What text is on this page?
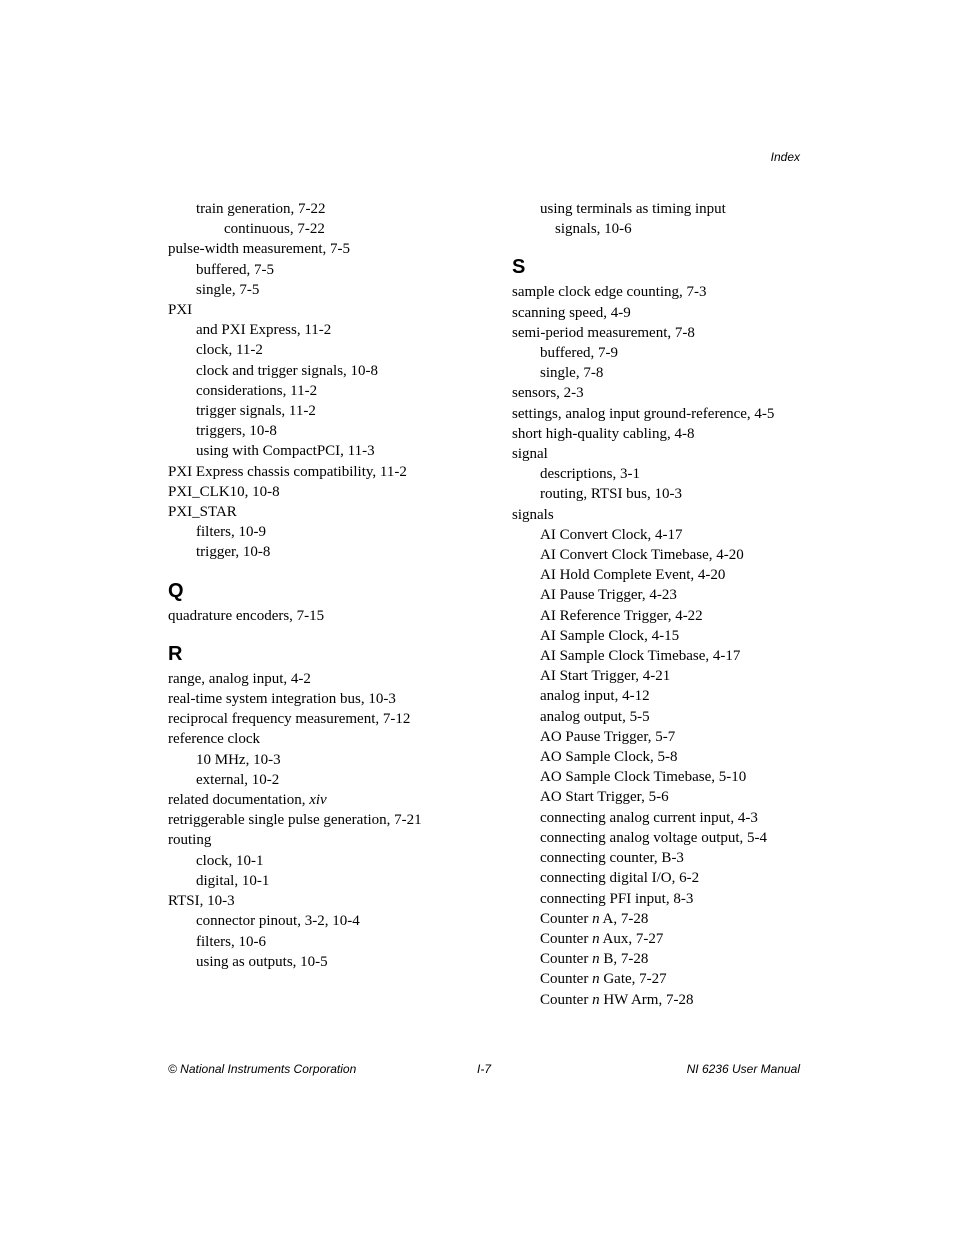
Index
train generation, 7-22
continuous, 7-22
pulse-width measurement, 7-5
buffered, 7-5
single, 7-5
PXI
and PXI Express, 11-2
clock, 11-2
clock and trigger signals, 10-8
considerations, 11-2
trigger signals, 11-2
triggers, 10-8
using with CompactPCI, 11-3
PXI Express chassis compatibility, 11-2
PXI_CLK10, 10-8
PXI_STAR
filters, 10-9
trigger, 10-8
Q
quadrature encoders, 7-15
R
range, analog input, 4-2
real-time system integration bus, 10-3
reciprocal frequency measurement, 7-12
reference clock
10 MHz, 10-3
external, 10-2
related documentation, xiv
retriggerable single pulse generation, 7-21
routing
clock, 10-1
digital, 10-1
RTSI, 10-3
connector pinout, 3-2, 10-4
filters, 10-6
using as outputs, 10-5
using terminals as timing input
signals, 10-6
S
sample clock edge counting, 7-3
scanning speed, 4-9
semi-period measurement, 7-8
buffered, 7-9
single, 7-8
sensors, 2-3
settings, analog input ground-reference, 4-5
short high-quality cabling, 4-8
signal
descriptions, 3-1
routing, RTSI bus, 10-3
signals
AI Convert Clock, 4-17
AI Convert Clock Timebase, 4-20
AI Hold Complete Event, 4-20
AI Pause Trigger, 4-23
AI Reference Trigger, 4-22
AI Sample Clock, 4-15
AI Sample Clock Timebase, 4-17
AI Start Trigger, 4-21
analog input, 4-12
analog output, 5-5
AO Pause Trigger, 5-7
AO Sample Clock, 5-8
AO Sample Clock Timebase, 5-10
AO Start Trigger, 5-6
connecting analog current input, 4-3
connecting analog voltage output, 5-4
connecting counter, B-3
connecting digital I/O, 6-2
connecting PFI input, 8-3
Counter n A, 7-28
Counter n Aux, 7-27
Counter n B, 7-28
Counter n Gate, 7-27
Counter n HW Arm, 7-28
© National Instruments Corporation	I-7	NI 6236 User Manual
